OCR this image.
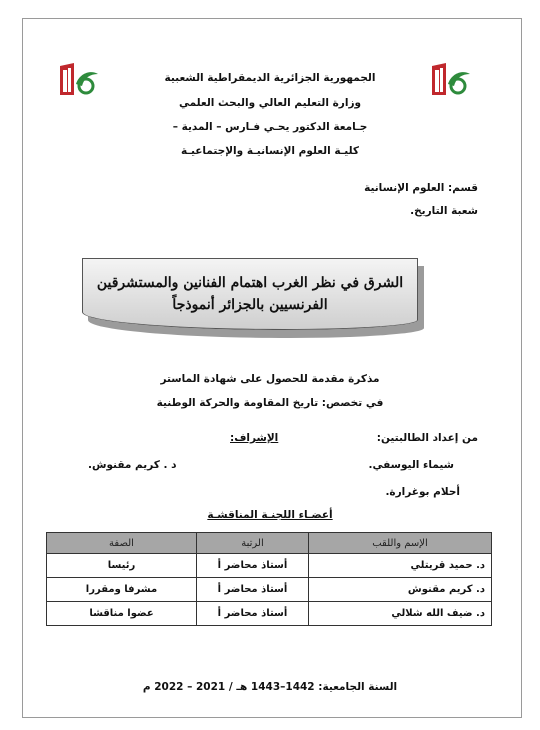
الجمهورية الجزائرية الديمقراطية الشعبية
وزارة التعليم العالي والبحث العلمي
جـامعة الدكتور يحـي فـارس – المدية –
كليـة العلوم الإنسانيـة والإجتماعيـة
قسم: العلوم الإنسانية
شعبة التاريخ.
الشرق في نظر الغرب اهتمام الفنانين والمستشرقين
الفرنسيين بالجزائر أنموذجاً
مذكرة مقدمة للحصول على شهادة الماستر
في تخصص: تاريخ المقاومة والحركة الوطنية
من إعداد الطالبتين:
الإشراف:
شيماء اليوسفي.
أحلام بوغرارة.
د . كريم مقنوش.
أعضـاء اللجنـة المناقشـة
الإسم واللقب	الرتبة	الصفة
د. حميد قريتلي	أستاذ محاضر أ	رئيسا
د. كريم مقنوش	أستاذ محاضر أ	مشرفا ومقررا
د. ضيف الله شلالي	أستاذ محاضر أ	عضوا مناقشا
السنة الجامعية: 1442–1443 هـ / 2021 – 2022 م
